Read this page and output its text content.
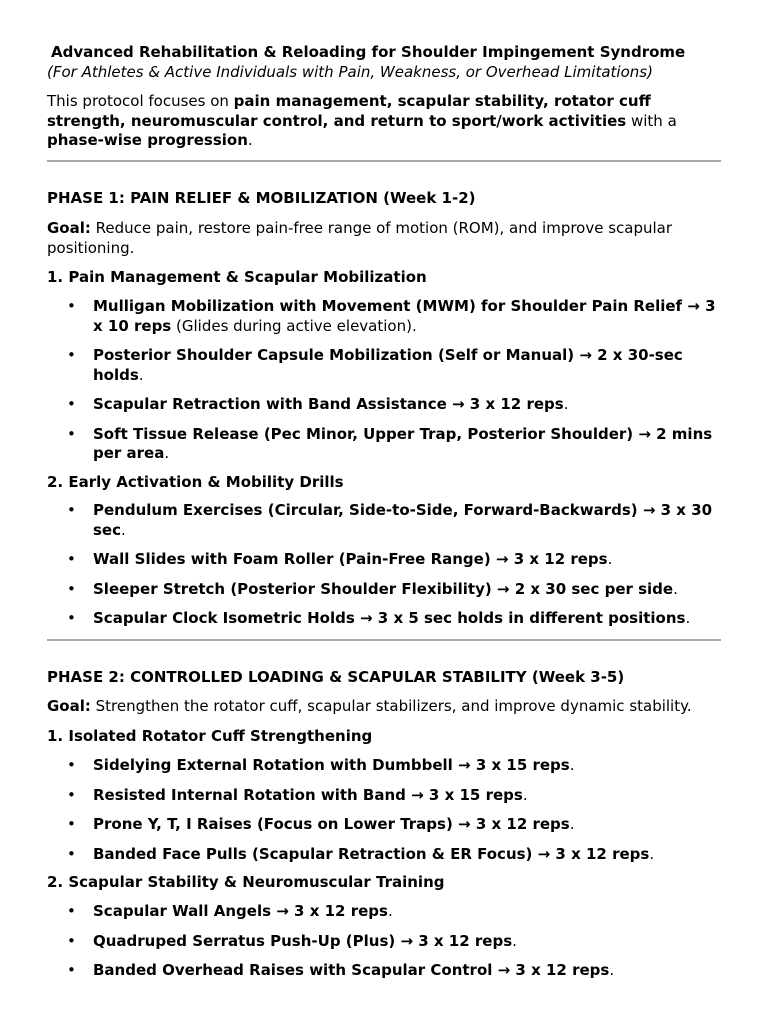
Advanced Rehabilitation & Reloading for Shoulder Impingement Syndrome
(For Athletes & Active Individuals with Pain, Weakness, or Overhead Limitations)
This protocol focuses on pain management, scapular stability, rotator cuff strength, neuromuscular control, and return to sport/work activities with a phase-wise progression.
PHASE 1: PAIN RELIEF & MOBILIZATION (Week 1-2)
Goal: Reduce pain, restore pain-free range of motion (ROM), and improve scapular positioning.
1. Pain Management & Scapular Mobilization
• Mulligan Mobilization with Movement (MWM) for Shoulder Pain Relief → 3 x 10 reps (Glides during active elevation).
• Posterior Shoulder Capsule Mobilization (Self or Manual) → 2 x 30-sec holds.
• Scapular Retraction with Band Assistance → 3 x 12 reps.
• Soft Tissue Release (Pec Minor, Upper Trap, Posterior Shoulder) → 2 mins per area.
2. Early Activation & Mobility Drills
• Pendulum Exercises (Circular, Side-to-Side, Forward-Backwards) → 3 x 30 sec.
• Wall Slides with Foam Roller (Pain-Free Range) → 3 x 12 reps.
• Sleeper Stretch (Posterior Shoulder Flexibility) → 2 x 30 sec per side.
• Scapular Clock Isometric Holds → 3 x 5 sec holds in different positions.
PHASE 2: CONTROLLED LOADING & SCAPULAR STABILITY (Week 3-5)
Goal: Strengthen the rotator cuff, scapular stabilizers, and improve dynamic stability.
1. Isolated Rotator Cuff Strengthening
• Sidelying External Rotation with Dumbbell → 3 x 15 reps.
• Resisted Internal Rotation with Band → 3 x 15 reps.
• Prone Y, T, I Raises (Focus on Lower Traps) → 3 x 12 reps.
• Banded Face Pulls (Scapular Retraction & ER Focus) → 3 x 12 reps.
2. Scapular Stability & Neuromuscular Training
• Scapular Wall Angels → 3 x 12 reps.
• Quadruped Serratus Push-Up (Plus) → 3 x 12 reps.
• Banded Overhead Raises with Scapular Control → 3 x 12 reps.
